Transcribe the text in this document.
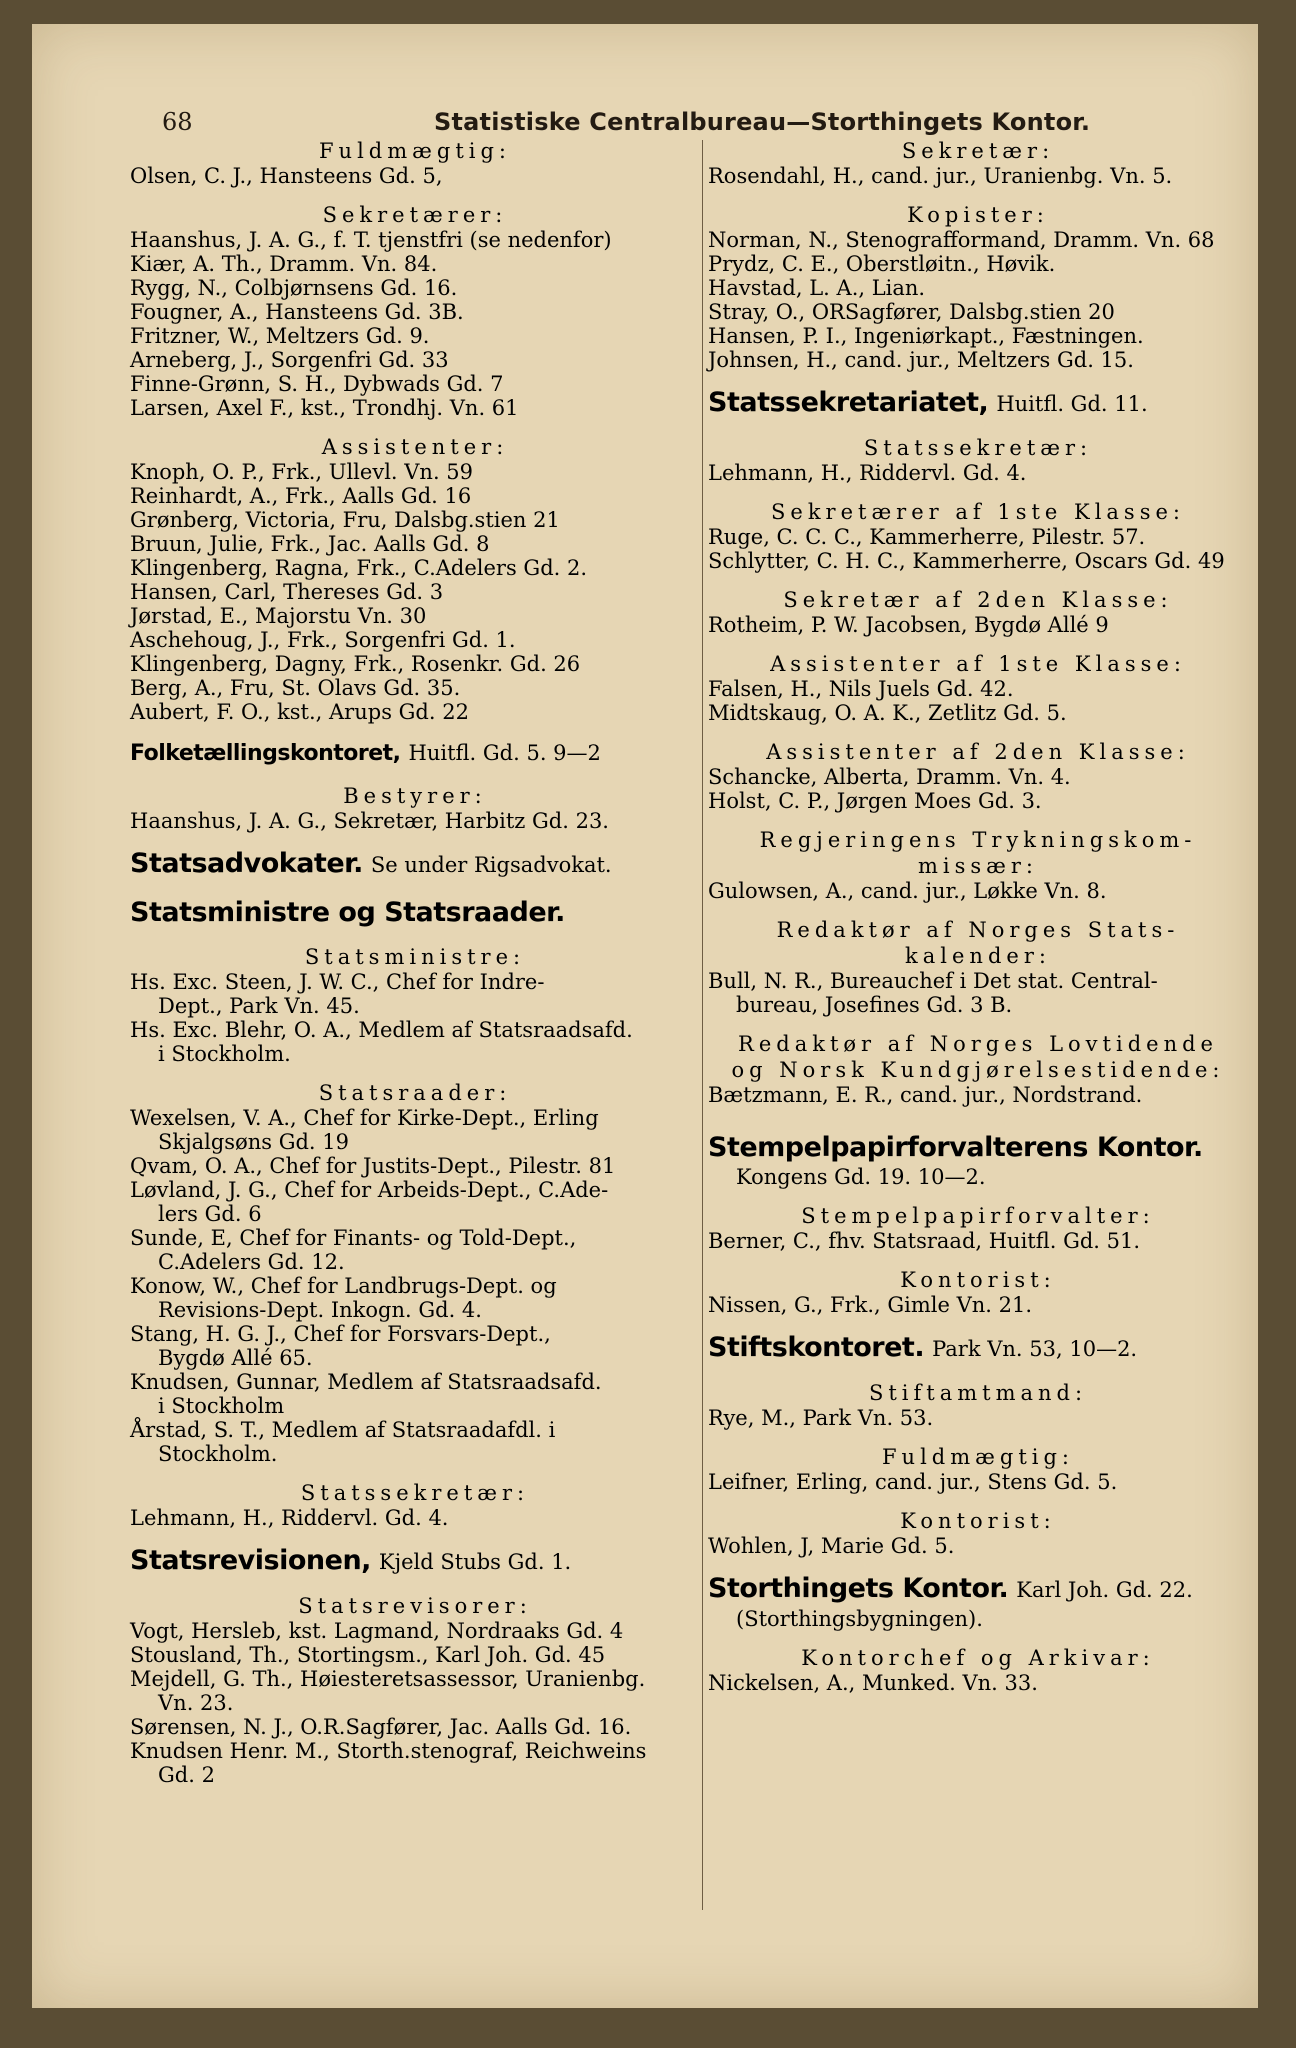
68	Statistiske Centralbureau—Storthingets Kontor.
Fuldmægtig:
Olsen, C. J., Hansteens Gd. 5,
Sekretærer:
Haanshus, J. A. G., f. T. tjenstfri (se nedenfor)
Kiær, A. Th., Dramm. Vn. 84.
Rygg, N., Colbjørnsens Gd. 16.
Fougner, A., Hansteens Gd. 3B.
Fritzner, W., Meltzers Gd. 9.
Arneberg, J., Sorgenfri Gd. 33
Finne-Grønn, S. H., Dybwads Gd. 7
Larsen, Axel F., kst., Trondhj. Vn. 61
Assistenter:
Knoph, O. P., Frk., Ullevl. Vn. 59
Reinhardt, A., Frk., Aalls Gd. 16
Grønberg, Victoria, Fru, Dalsbg.stien 21
Bruun, Julie, Frk., Jac. Aalls Gd. 8
Klingenberg, Ragna, Frk., C.Adelers Gd. 2.
Hansen, Carl, Thereses Gd. 3
Jørstad, E., Majorstu Vn. 30
Aschehoug, J., Frk., Sorgenfri Gd. 1.
Klingenberg, Dagny, Frk., Rosenkr. Gd. 26
Berg, A., Fru, St. Olavs Gd. 35.
Aubert, F. O., kst., Arups Gd. 22
Folketællingskontoret, Huitfl. Gd. 5. 9—2
Bestyrer:
Haanshus, J. A. G., Sekretær, Harbitz Gd. 23.
Statsadvokater. Se under Rigsadvokat.
Statsministre og Statsraader.
Statsministre:
Hs. Exc. Steen, J. W. C., Chef for Indre-
Dept., Park Vn. 45.
Hs. Exc. Blehr, O. A., Medlem af Statsraadsafd.
i Stockholm.
Statsraader:
Wexelsen, V. A., Chef for Kirke-Dept., Erling
Skjalgsøns Gd. 19
Qvam, O. A., Chef for Justits-Dept., Pilestr. 81
Løvland, J. G., Chef for Arbeids-Dept., C.Ade-
lers Gd. 6
Sunde, E, Chef for Finants- og Told-Dept.,
C.Adelers Gd. 12.
Konow, W., Chef for Landbrugs-Dept. og
Revisions-Dept. Inkogn. Gd. 4.
Stang, H. G. J., Chef for Forsvars-Dept.,
Bygdø Allé 65.
Knudsen, Gunnar, Medlem af Statsraadsafd.
i Stockholm
Årstad, S. T., Medlem af Statsraadafdl. i
Stockholm.
Statssekretær:
Lehmann, H., Riddervl. Gd. 4.
Statsrevisionen, Kjeld Stubs Gd. 1.
Statsrevisorer:
Vogt, Hersleb, kst. Lagmand, Nordraaks Gd. 4
Stousland, Th., Stortingsm., Karl Joh. Gd. 45
Mejdell, G. Th., Høiesteretsassessor, Uranienbg.
Vn. 23.
Sørensen, N. J., O.R.Sagfører, Jac. Aalls Gd. 16.
Knudsen Henr. M., Storth.stenograf, Reichweins
Gd. 2
Sekretær:
Rosendahl, H., cand. jur., Uranienbg. Vn. 5.
Kopister:
Norman, N., Stenografformand, Dramm. Vn. 68
Prydz, C. E., Oberstløitn., Høvik.
Havstad, L. A., Lian.
Stray, O., ORSagfører, Dalsbg.stien 20
Hansen, P. I., Ingeniørkapt., Fæstningen.
Johnsen, H., cand. jur., Meltzers Gd. 15.
Statssekretariatet, Huitfl. Gd. 11.
Statssekretær:
Lehmann, H., Riddervl. Gd. 4.
Sekretærer af 1ste Klasse:
Ruge, C. C. C., Kammerherre, Pilestr. 57.
Schlytter, C. H. C., Kammerherre, Oscars Gd. 49
Sekretær af 2den Klasse:
Rotheim, P. W. Jacobsen, Bygdø Allé 9
Assistenter af 1ste Klasse:
Falsen, H., Nils Juels Gd. 42.
Midtskaug, O. A. K., Zetlitz Gd. 5.
Assistenter af 2den Klasse:
Schancke, Alberta, Dramm. Vn. 4.
Holst, C. P., Jørgen Moes Gd. 3.
Regjeringens Trykningskom-
missær:
Gulowsen, A., cand. jur., Løkke Vn. 8.
Redaktør af Norges Stats-
kalender:
Bull, N. R., Bureauchef i Det stat. Central-
bureau, Josefines Gd. 3 B.
Redaktør af Norges Lovtidende
og Norsk Kundgjørelsestidende:
Bætzmann, E. R., cand. jur., Nordstrand.
Stempelpapirforvalterens Kontor.
Kongens Gd. 19. 10—2.
Stempelpapirforvalter:
Berner, C., fhv. Statsraad, Huitfl. Gd. 51.
Kontorist:
Nissen, G., Frk., Gimle Vn. 21.
Stiftskontoret. Park Vn. 53, 10—2.
Stiftamtmand:
Rye, M., Park Vn. 53.
Fuldmægtig:
Leifner, Erling, cand. jur., Stens Gd. 5.
Kontorist:
Wohlen, J, Marie Gd. 5.
Storthingets Kontor. Karl Joh. Gd. 22.
(Storthingsbygningen).
Kontorchef og Arkivar:
Nickelsen, A., Munked. Vn. 33.
